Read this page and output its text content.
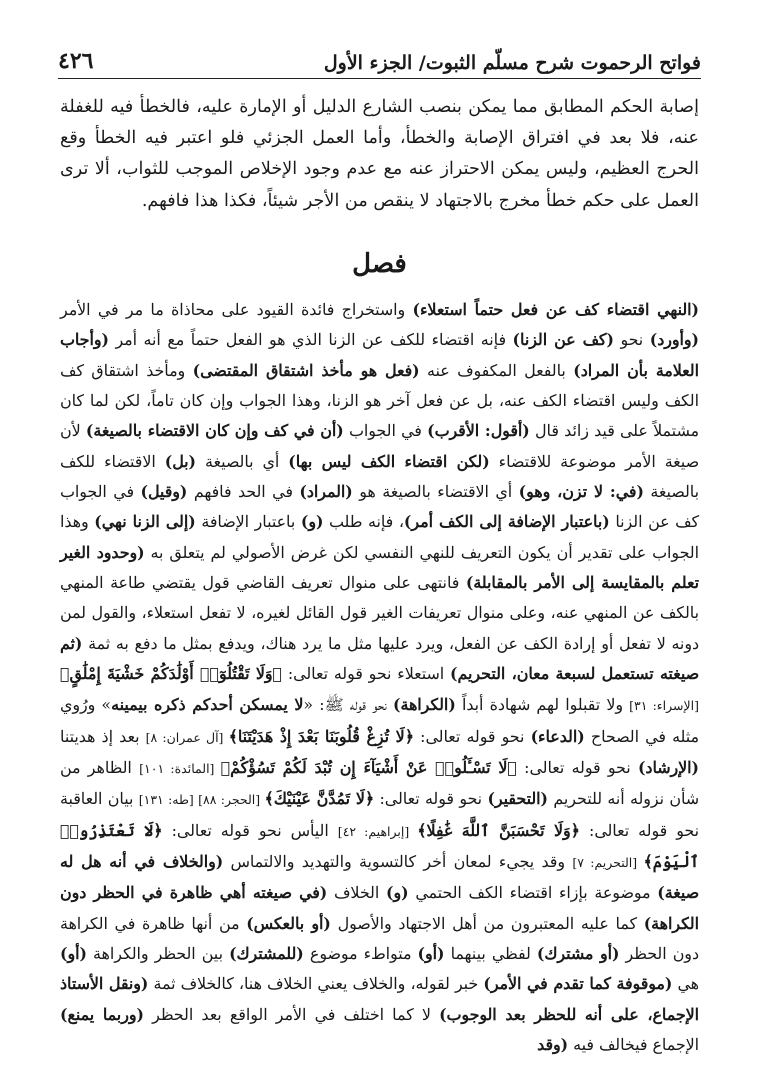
فواتح الرحموت شرح مسلّم الثبوت/ الجزء الأول
٤٢٦

إصابة الحكم المطابق مما يمكن بنصب الشارع الدليل أو الإمارة عليه، فالخطأ فيه للغفلة عنه، فلا بعد في افتراق الإصابة والخطأ، وأما العمل الجزئي فلو اعتبر فيه الخطأ وقع الحرج العظيم، وليس يمكن الاحتراز عنه مع عدم وجود الإخلاص الموجب للثواب، ألا ترى العمل على حكم خطأ مخرج بالاجتهاد لا ينقص من الأجر شيئاً، فكذا هذا فافهم.

فصل

(النهي اقتضاء كف عن فعل حتماً استعلاء) واستخراج فائدة القيود على محاذاة ما مر في الأمر (وأورد) نحو (كف عن الزنا) فإنه اقتضاء للكف عن الزنا الذي هو الفعل حتماً مع أنه أمر (وأجاب العلامة بأن المراد) بالفعل المكفوف عنه (فعل هو مأخذ اشتقاق المقتضى) ومأخذ اشتقاق كف الكف وليس اقتضاء الكف عنه، بل عن فعل آخر هو الزنا، وهذا الجواب وإن كان تاماً، لكن لما كان مشتملاً على قيد زائد قال (أقول: الأقرب) في الجواب (أن في كف وإن كان الاقتضاء بالصيغة) لأن صيغة الأمر موضوعة للاقتضاء (لكن اقتضاء الكف ليس بها) أي بالصيغة (بل) الاقتضاء للكف بالصيغة (في: لا تزن، وهو) أي الاقتضاء بالصيغة هو (المراد) في الحد فافهم (وقيل) في الجواب كف عن الزنا (باعتبار الإضافة إلى الكف أمر)، فإنه طلب (و) باعتبار الإضافة (إلى الزنا نهي) وهذا الجواب على تقدير أن يكون التعريف للنهي النفسي لكن غرض الأصولي لم يتعلق به (وحدود الغير تعلم بالمقايسة إلى الأمر بالمقابلة) فانتهى على منوال تعريف القاضي قول يقتضي طاعة المنهي بالكف عن المنهي عنه، وعلى منوال تعريفات الغير قول القائل لغيره، لا تفعل استعلاء، والقول لمن دونه لا تفعل أو إرادة الكف عن الفعل، ويرد عليها مثل ما يرد هناك، ويدفع بمثل ما دفع به ثمة (ثم صيغته تستعمل لسبعة معان، التحريم) استعلاء نحو قوله تعالى: ﴿وَلَا تَقْتُلُوٓا۟ أَوْلَٰدَكُمْ خَشْيَةَ إِمْلَٰقٍ﴾ [الإسراء: ٣١] ولا تقبلوا لهم شهادة أبداً (الكراهة) نحو قوله ﷺ: «لا يمسكن أحدكم ذكره بيمينه» ورُوي مثله في الصحاح (الدعاء) نحو قوله تعالى: ﴿لَا تُزِغْ قُلُوبَنَا بَعْدَ إِذْ هَدَيْتَنَا﴾ [آل عمران: ٨] بعد إذ هديتنا (الإرشاد) نحو قوله تعالى: ﴿لَا تَسْـَٔلُوا۟ عَنْ أَشْيَآءَ إِن تُبْدَ لَكُمْ تَسُؤْكُمْ﴾ [المائدة: ١٠١] الظاهر من شأن نزوله أنه للتحريم (التحقير) نحو قوله تعالى: ﴿لَا تَمُدَّنَّ عَيْنَيْكَ﴾ [الحجر: ٨٨] [طه: ١٣١] بيان العاقبة نحو قوله تعالى: ﴿وَلَا تَحْسَبَنَّ ٱللَّهَ غَٰفِلًا﴾ [إبراهيم: ٤٢] اليأس نحو قوله تعالى: ﴿لَا تَعْتَذِرُوا۟ ٱلْيَوْمَ﴾ [التحريم: ٧] وقد يجيء لمعان أخر كالتسوية والتهديد والالتماس (والخلاف في أنه هل له صيغة) موضوعة بإزاء اقتضاء الكف الحتمي (و) الخلاف (في صيغته أهي ظاهرة في الحظر دون الكراهة) كما عليه المعتبرون من أهل الاجتهاد والأصول (أو بالعكس) من أنها ظاهرة في الكراهة دون الحظر (أو مشترك) لفظي بينهما (أو) متواطء موضوع (للمشترك) بين الحظر والكراهة (أو) هي (موقوفة كما تقدم في الأمر) خبر لقوله، والخلاف يعني الخلاف هنا، كالخلاف ثمة (ونقل الأستاذ الإجماع، على أنه للحظر بعد الوجوب) لا كما اختلف في الأمر الواقع بعد الحظر (وربما يمنع) الإجماع فيخالف فيه (وقد
